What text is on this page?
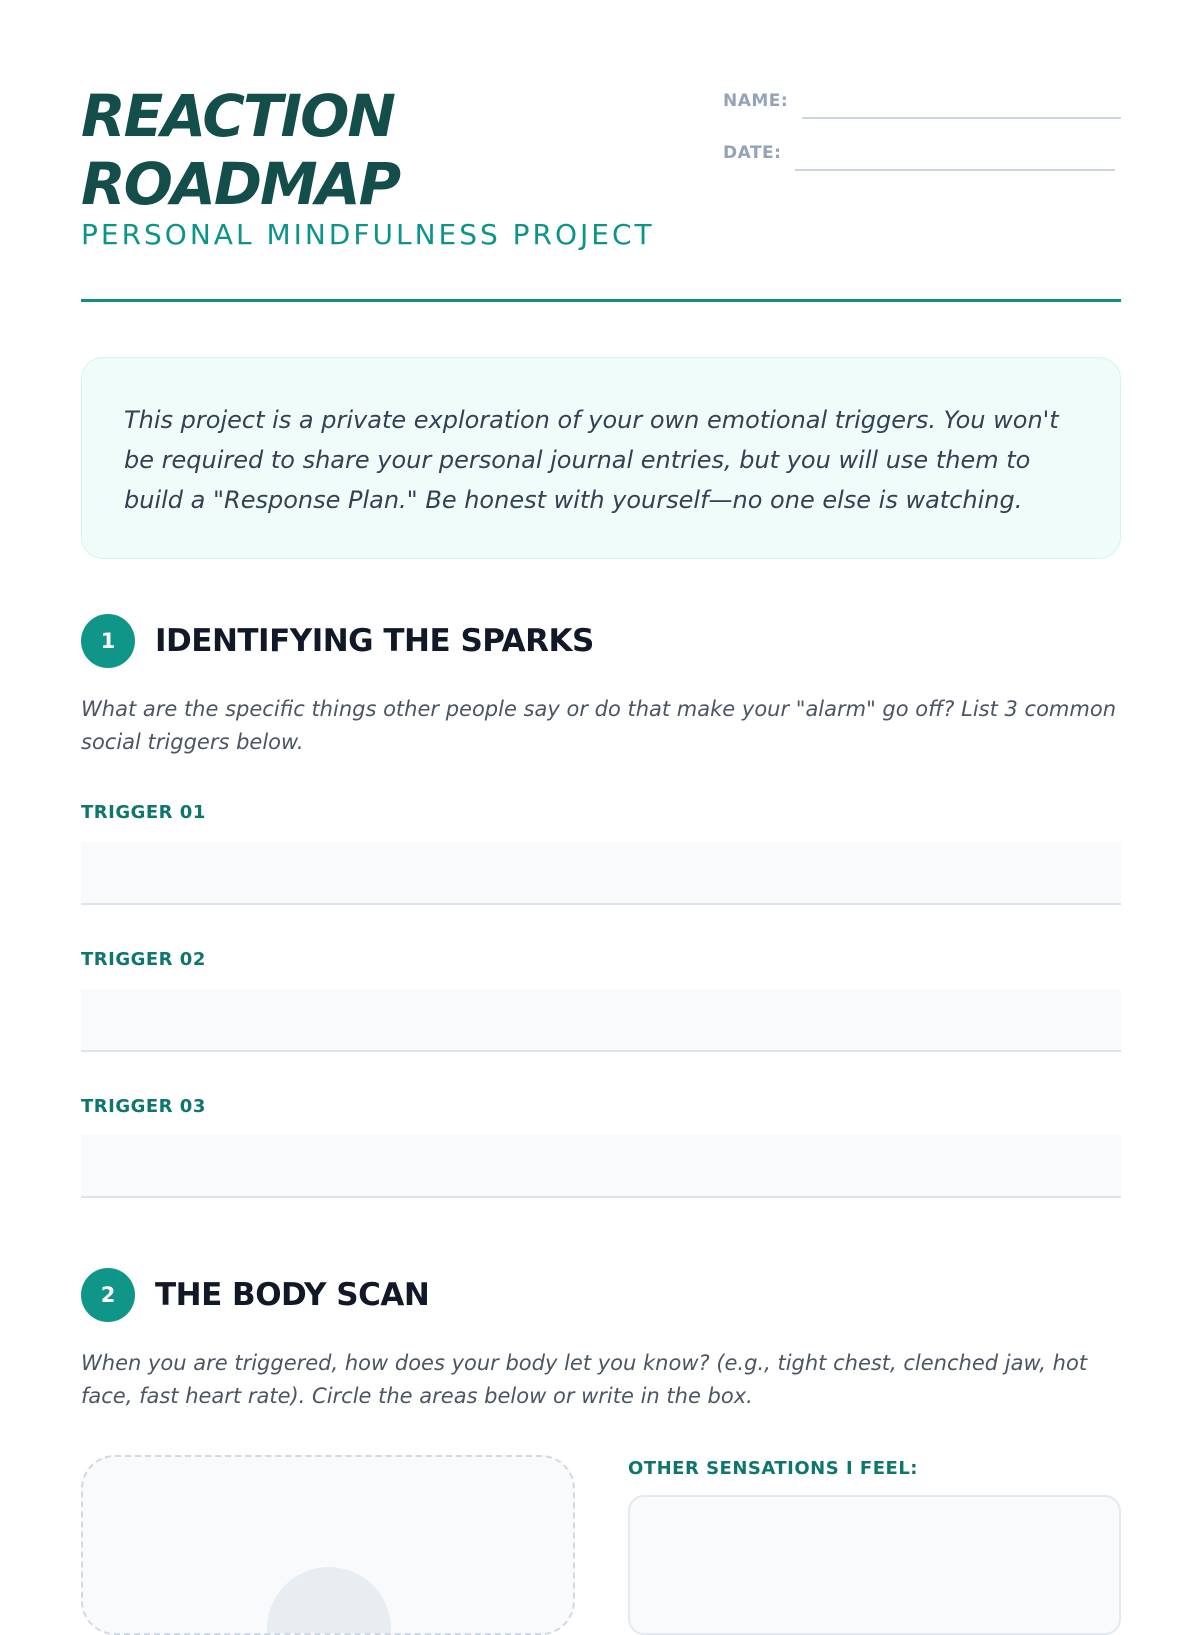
REACTION
ROADMAP
PERSONAL MINDFULNESS PROJECT
NAME:
DATE:
This project is a private exploration of your own emotional triggers. You won't be required to share your personal journal entries, but you will use them to build a "Response Plan." Be honest with yourself—no one else is watching.
1	IDENTIFYING THE SPARKS
What are the specific things other people say or do that make your "alarm" go off? List 3 common social triggers below.
TRIGGER 01
TRIGGER 02
TRIGGER 03
2	THE BODY SCAN
When you are triggered, how does your body let you know? (e.g., tight chest, clenched jaw, hot face, fast heart rate). Circle the areas below or write in the box.
OTHER SENSATIONS I FEEL:
